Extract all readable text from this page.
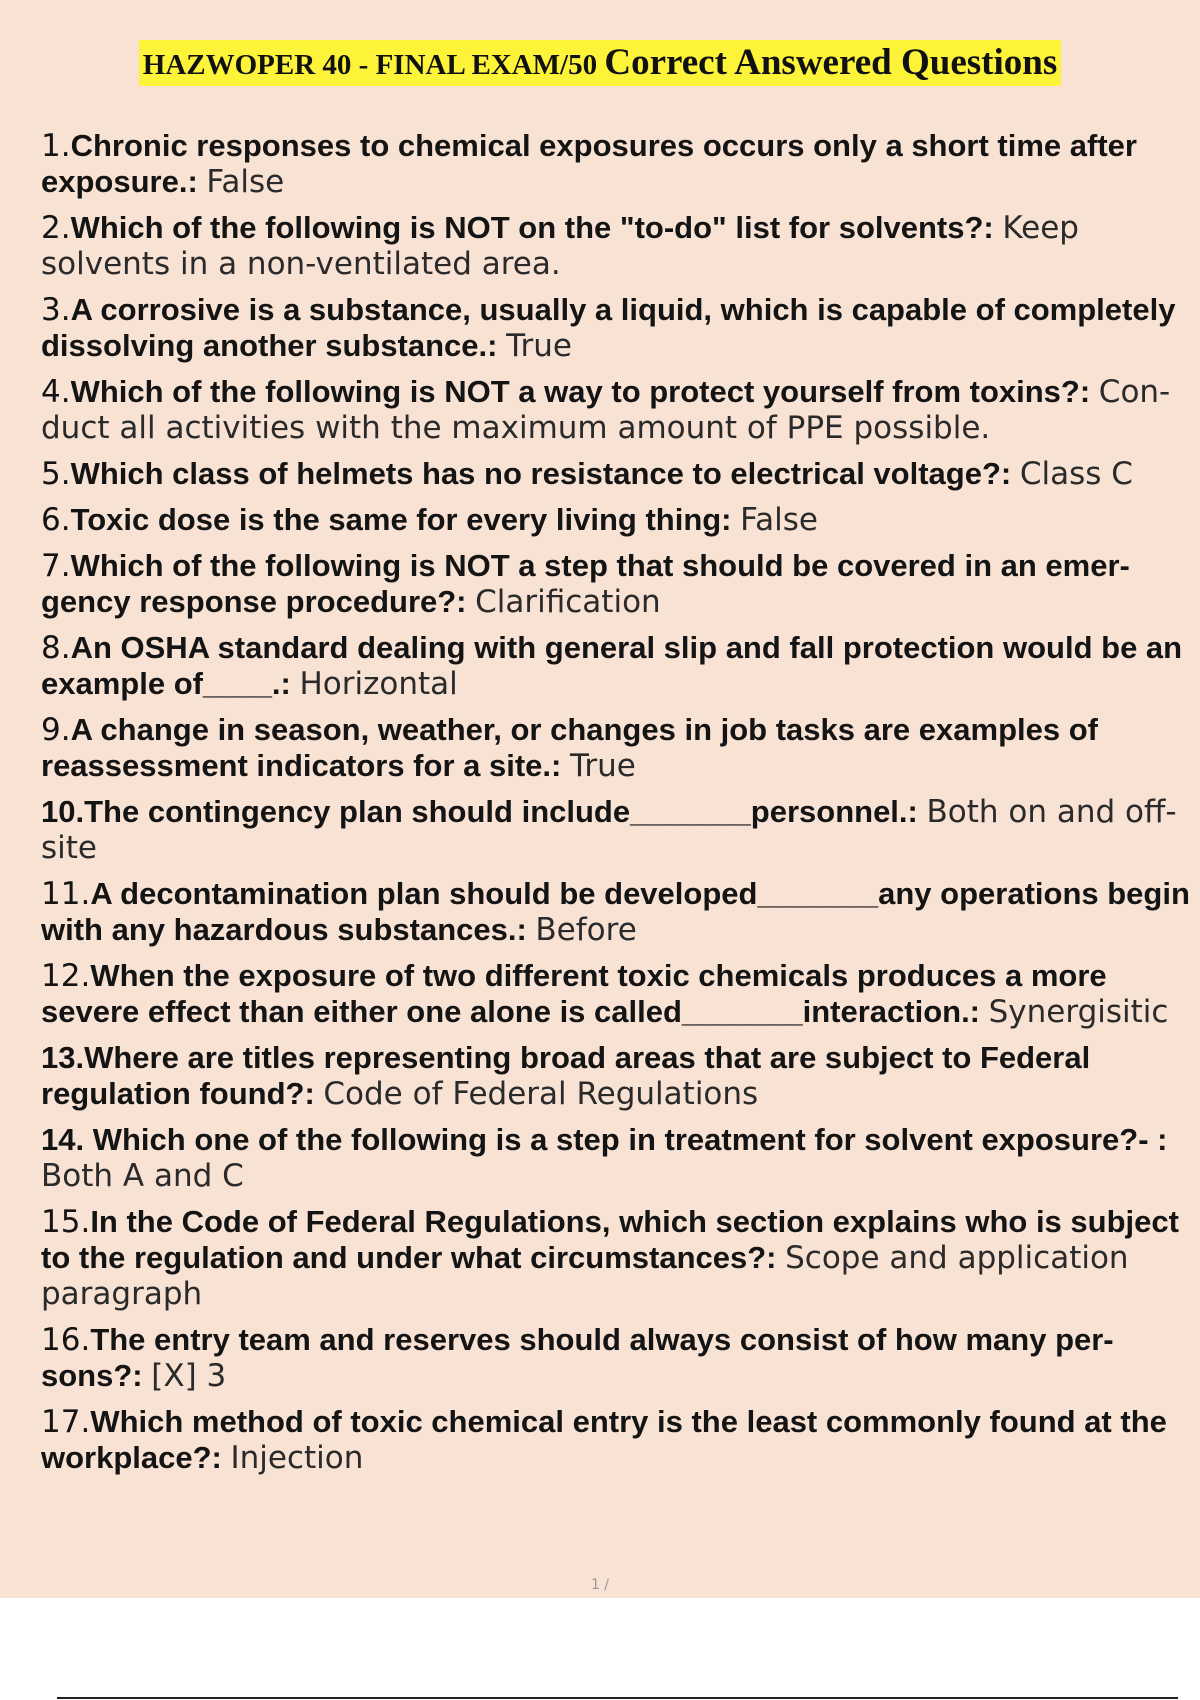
HAZWOPER 40 - FINAL EXAM/50 Correct Answered Questions
1.Chronic responses to chemical exposures occurs only a short time after exposure.: False
2.Which of the following is NOT on the "to-do" list for solvents?: Keep solvents in a non-ventilated area.
3.A corrosive is a substance, usually a liquid, which is capable of completely dissolving another substance.: True
4.Which of the following is NOT a way to protect yourself from toxins?: Con- duct all activities with the maximum amount of PPE possible.
5.Which class of helmets has no resistance to electrical voltage?: Class C
6.Toxic dose is the same for every living thing: False
7.Which of the following is NOT a step that should be covered in an emer- gency response procedure?: Clarification
8.An OSHA standard dealing with general slip and fall protection would be an example of____.: Horizontal
9.A change in season, weather, or changes in job tasks are examples of reassessment indicators for a site.: True
10.The contingency plan should include_______personnel.: Both on and off-site
11.A decontamination plan should be developed_______any operations begin with any hazardous substances.: Before
12.When the exposure of two different toxic chemicals produces a more severe effect than either one alone is called_______interaction.: Synergisitic
13.Where are titles representing broad areas that are subject to Federal regulation found?: Code of Federal Regulations
14. Which one of the following is a step in treatment for solvent exposure?- : Both A and C
15.In the Code of Federal Regulations, which section explains who is subject to the regulation and under what circumstances?: Scope and application paragraph
16.The entry team and reserves should always consist of how many per- sons?: [X] 3
17.Which method of toxic chemical entry is the least commonly found at the workplace?: Injection
1 /
